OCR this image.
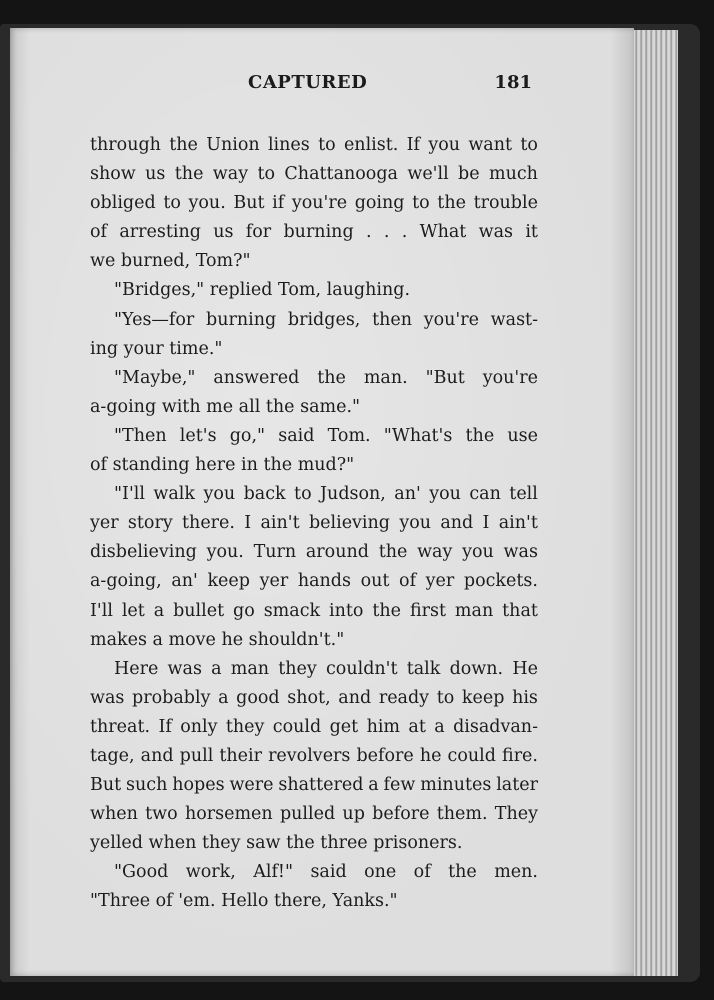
CAPTURED	181
through the Union lines to enlist. If you want to
show us the way to Chattanooga we'll be much
obliged to you. But if you're going to the trouble
of arresting us for burning . . . What was it
we burned, Tom?"
"Bridges," replied Tom, laughing.
"Yes—for burning bridges, then you're wast-
ing your time."
"Maybe," answered the man. "But you're
a-going with me all the same."
"Then let's go," said Tom. "What's the use
of standing here in the mud?"
"I'll walk you back to Judson, an' you can tell
yer story there. I ain't believing you and I ain't
disbelieving you. Turn around the way you was
a-going, an' keep yer hands out of yer pockets.
I'll let a bullet go smack into the first man that
makes a move he shouldn't."
Here was a man they couldn't talk down. He
was probably a good shot, and ready to keep his
threat. If only they could get him at a disadvan-
tage, and pull their revolvers before he could fire.
But such hopes were shattered a few minutes later
when two horsemen pulled up before them. They
yelled when they saw the three prisoners.
"Good work, Alf!" said one of the men.
"Three of 'em. Hello there, Yanks."
